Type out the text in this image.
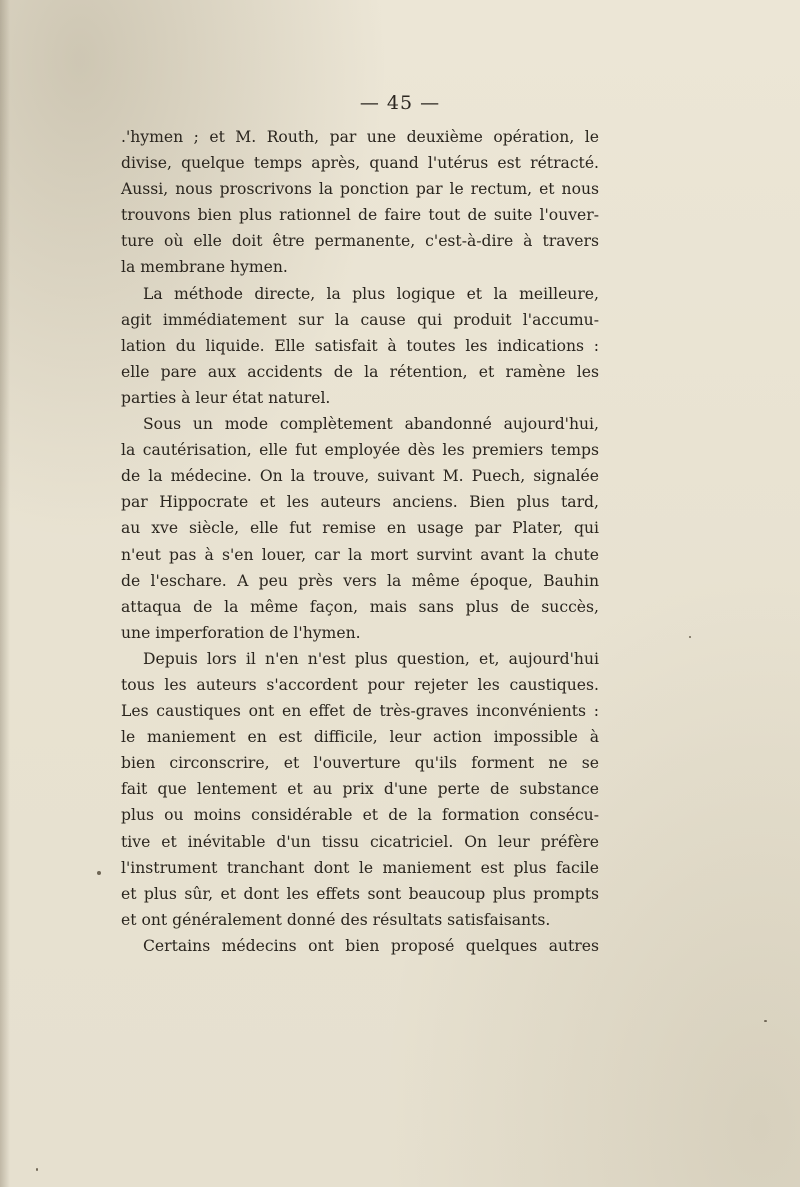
— 45 —
.'hymen ; et M. Routh, par une deuxième opération, le
divise, quelque temps après, quand l'utérus est rétracté.
Aussi, nous proscrivons la ponction par le rectum, et nous
trouvons bien plus rationnel de faire tout de suite l'ouver-
ture où elle doit être permanente, c'est-à-dire à travers
la membrane hymen.
La méthode directe, la plus logique et la meilleure,
agit immédiatement sur la cause qui produit l'accumu-
lation du liquide. Elle satisfait à toutes les indications :
elle pare aux accidents de la rétention, et ramène les
parties à leur état naturel.
Sous un mode complètement abandonné aujourd'hui,
la cautérisation, elle fut employée dès les premiers temps
de la médecine. On la trouve, suivant M. Puech, signalée
par Hippocrate et les auteurs anciens. Bien plus tard,
au xve siècle, elle fut remise en usage par Plater, qui
n'eut pas à s'en louer, car la mort survint avant la chute
de l'eschare. A peu près vers la même époque, Bauhin
attaqua de la même façon, mais sans plus de succès,
une imperforation de l'hymen.
Depuis lors il n'en n'est plus question, et, aujourd'hui
tous les auteurs s'accordent pour rejeter les caustiques.
Les caustiques ont en effet de très-graves inconvénients :
le maniement en est difficile, leur action impossible à
bien circonscrire, et l'ouverture qu'ils forment ne se
fait que lentement et au prix d'une perte de substance
plus ou moins considérable et de la formation consécu-
tive et inévitable d'un tissu cicatriciel. On leur préfère
l'instrument tranchant dont le maniement est plus facile
et plus sûr, et dont les effets sont beaucoup plus prompts
et ont généralement donné des résultats satisfaisants.
Certains médecins ont bien proposé quelques autres
